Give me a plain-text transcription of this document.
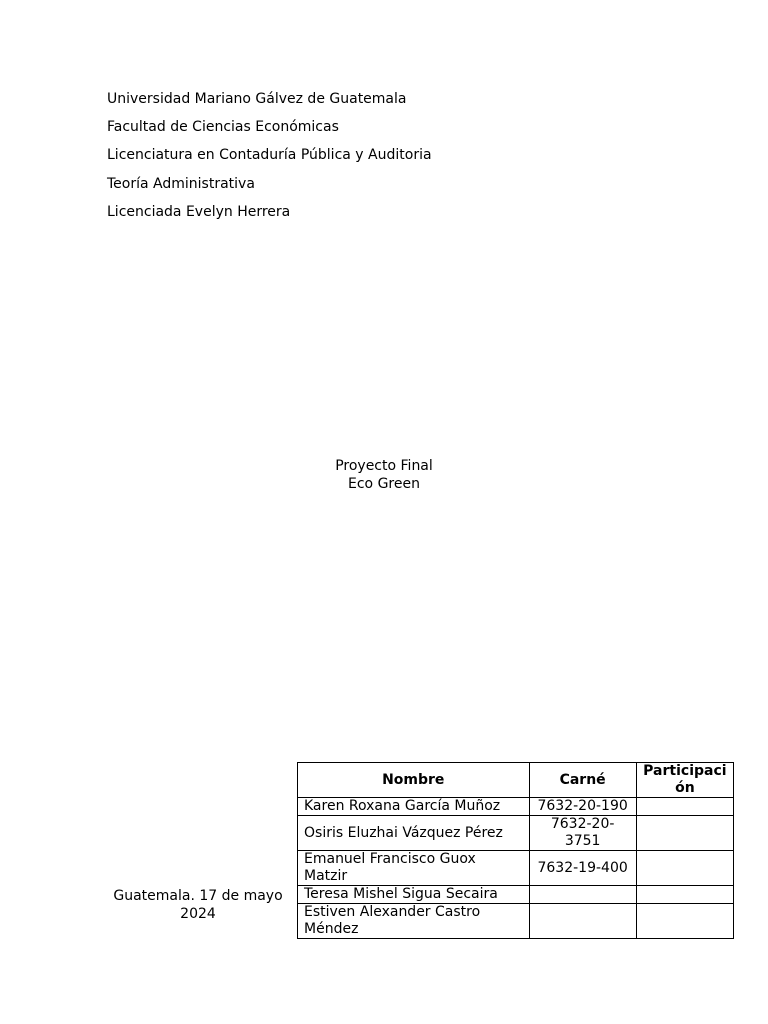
Universidad Mariano Gálvez de Guatemala
Facultad de Ciencias Económicas
Licenciatura en Contaduría Pública y Auditoria
Teoría Administrativa
Licenciada Evelyn Herrera
Proyecto Final
Eco Green
Guatemala. 17 de mayo 2024
Nombre	Carné	Participación
Karen Roxana García Muñoz	7632-20-190	
Osiris Eluzhai Vázquez Pérez	7632-20-3751	
Emanuel Francisco Guox Matzir	7632-19-400	
Teresa Mishel Sigua Secaira		
Estiven Alexander Castro Méndez		
